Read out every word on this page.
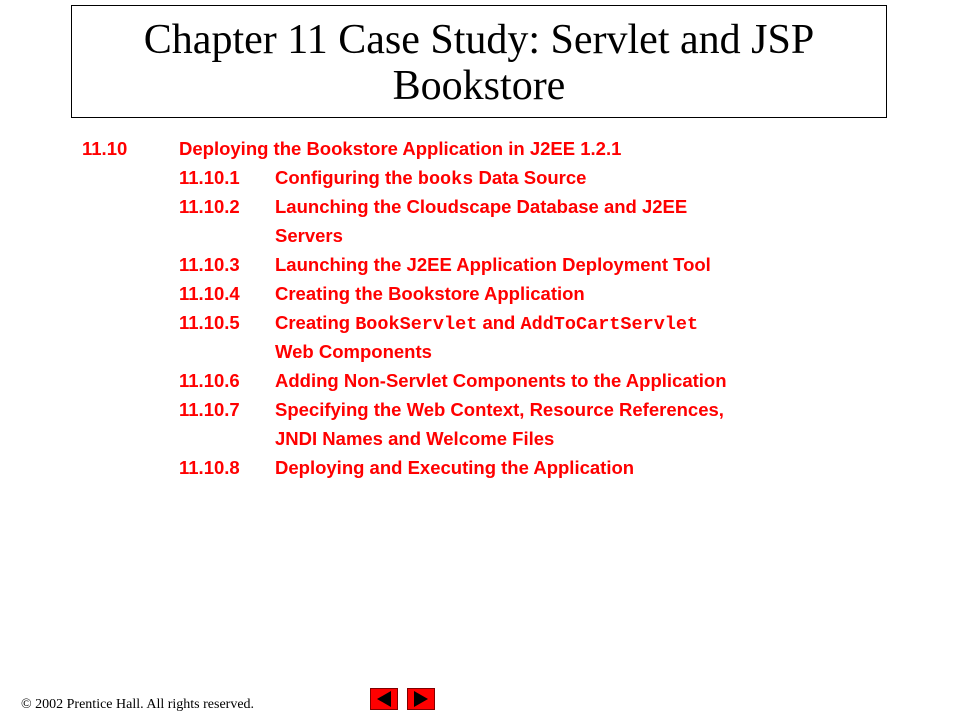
Chapter 11 Case Study: Servlet and JSP
Bookstore
11.10	Deploying the Bookstore Application in J2EE 1.2.1
11.10.1 Configuring the books Data Source
11.10.2 Launching the Cloudscape Database and J2EE
Servers
11.10.3 Launching the J2EE Application Deployment Tool
11.10.4 Creating the Bookstore Application
11.10.5 Creating BookServlet and AddToCartServlet
Web Components
11.10.6 Adding Non-Servlet Components to the Application
11.10.7 Specifying the Web Context, Resource References,
JNDI Names and Welcome Files
11.10.8 Deploying and Executing the Application

© 2002 Prentice Hall. All rights reserved.
